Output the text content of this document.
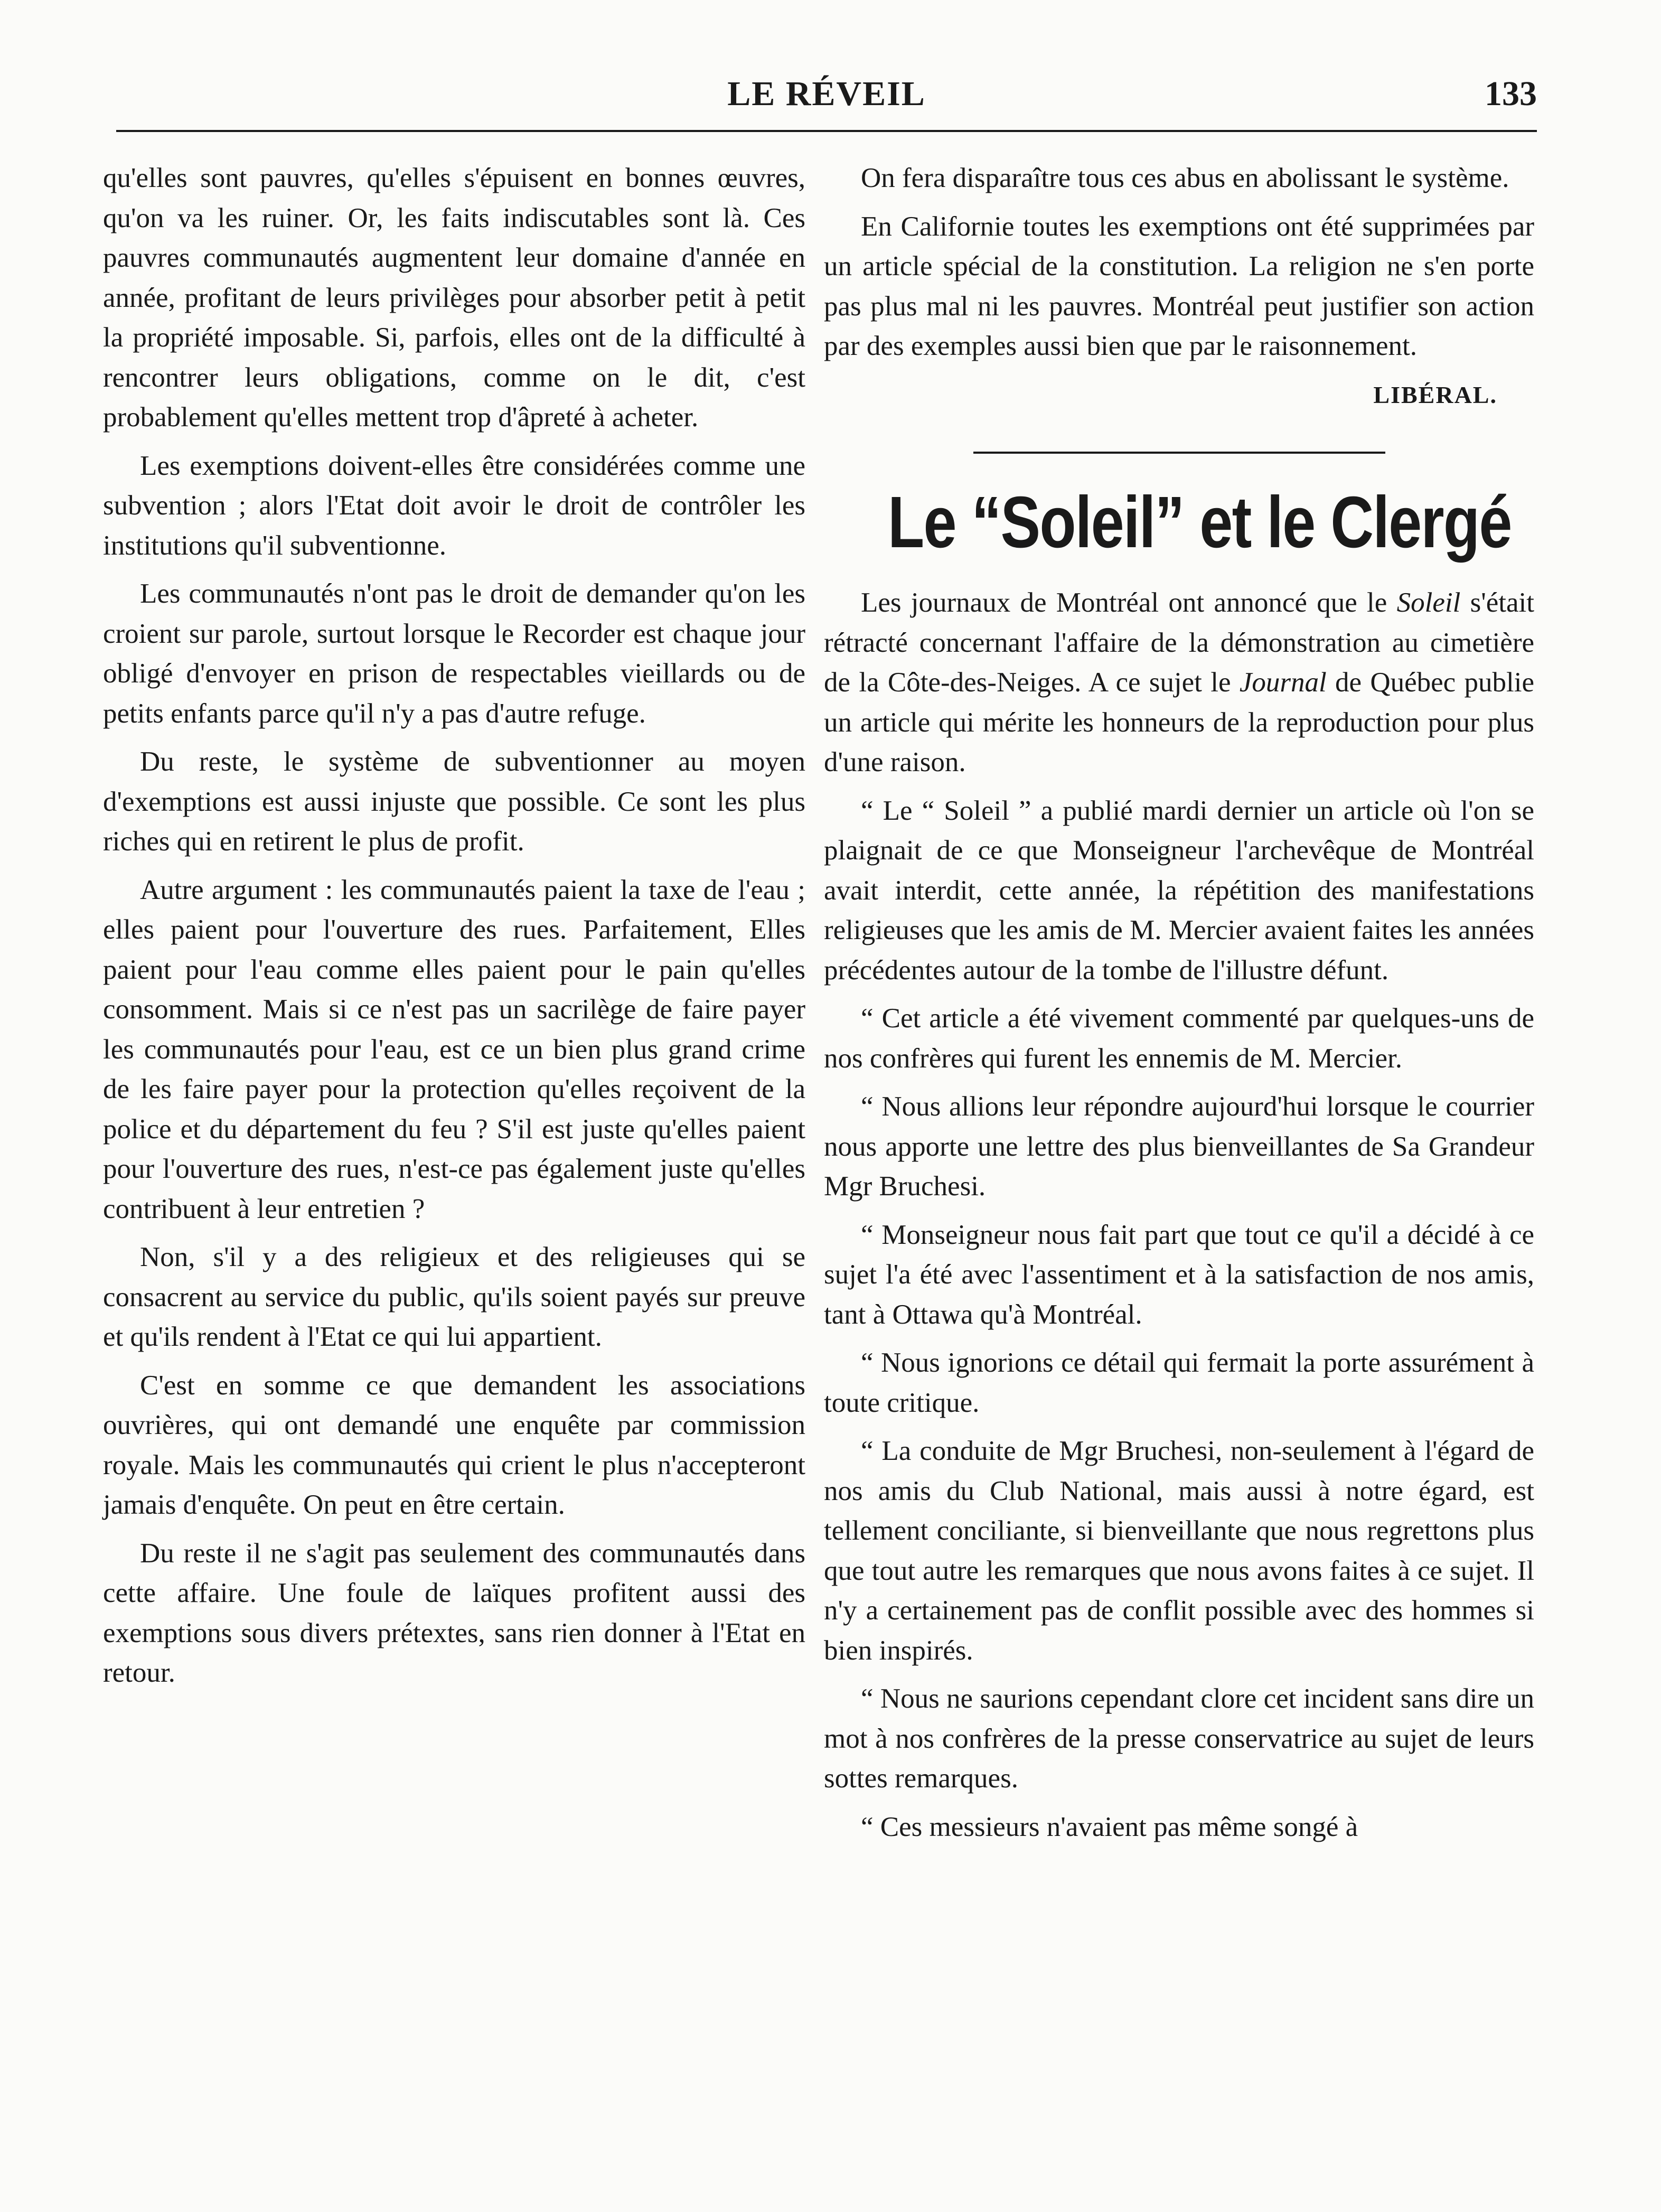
LE RÉVEIL	133

qu'elles sont pauvres, qu'elles s'épuisent en bonnes œuvres, qu'on va les ruiner. Or, les faits indiscutables sont là. Ces pauvres communautés augmentent leur domaine d'année en année, profitant de leurs privilèges pour absorber petit à petit la propriété imposable. Si, parfois, elles ont de la difficulté à rencontrer leurs obligations, comme on le dit, c'est probablement qu'elles mettent trop d'âpreté à acheter.

Les exemptions doivent-elles être considérées comme une subvention ; alors l'Etat doit avoir le droit de contrôler les institutions qu'il subventionne.

Les communautés n'ont pas le droit de demander qu'on les croient sur parole, surtout lorsque le Recorder est chaque jour obligé d'envoyer en prison de respectables vieillards ou de petits enfants parce qu'il n'y a pas d'autre refuge.

Du reste, le système de subventionner au moyen d'exemptions est aussi injuste que possible. Ce sont les plus riches qui en retirent le plus de profit.

Autre argument : les communautés paient la taxe de l'eau ; elles paient pour l'ouverture des rues. Parfaitement, Elles paient pour l'eau comme elles paient pour le pain qu'elles consomment. Mais si ce n'est pas un sacrilège de faire payer les communautés pour l'eau, est ce un bien plus grand crime de les faire payer pour la protection qu'elles reçoivent de la police et du département du feu ? S'il est juste qu'elles paient pour l'ouverture des rues, n'est-ce pas également juste qu'elles contribuent à leur entretien ?

Non, s'il y a des religieux et des religieuses qui se consacrent au service du public, qu'ils soient payés sur preuve et qu'ils rendent à l'Etat ce qui lui appartient.

C'est en somme ce que demandent les associations ouvrières, qui ont demandé une enquête par commission royale. Mais les communautés qui crient le plus n'accepteront jamais d'enquête. On peut en être certain.

Du reste il ne s'agit pas seulement des communautés dans cette affaire. Une foule de laïques profitent aussi des exemptions sous divers prétextes, sans rien donner à l'Etat en retour.

On fera disparaître tous ces abus en abolissant le système.

En Californie toutes les exemptions ont été supprimées par un article spécial de la constitution. La religion ne s'en porte pas plus mal ni les pauvres. Montréal peut justifier son action par des exemples aussi bien que par le raisonnement.

LIBÉRAL.
Le “Soleil” et le Clergé

Les journaux de Montréal ont annoncé que le Soleil s'était rétracté concernant l'affaire de la démonstration au cimetière de la Côte-des-Neiges. A ce sujet le Journal de Québec publie un article qui mérite les honneurs de la reproduction pour plus d'une raison.

“ Le “ Soleil ” a publié mardi dernier un article où l'on se plaignait de ce que Monseigneur l'archevêque de Montréal avait interdit, cette année, la répétition des manifestations religieuses que les amis de M. Mercier avaient faites les années précédentes autour de la tombe de l'illustre défunt.

“ Cet article a été vivement commenté par quelques-uns de nos confrères qui furent les ennemis de M. Mercier.

“ Nous allions leur répondre aujourd'hui lorsque le courrier nous apporte une lettre des plus bienveillantes de Sa Grandeur Mgr Bruchesi.

“ Monseigneur nous fait part que tout ce qu'il a décidé à ce sujet l'a été avec l'assentiment et à la satisfaction de nos amis, tant à Ottawa qu'à Montréal.

“ Nous ignorions ce détail qui fermait la porte assurément à toute critique.

“ La conduite de Mgr Bruchesi, non-seulement à l'égard de nos amis du Club National, mais aussi à notre égard, est tellement conciliante, si bienveillante que nous regrettons plus que tout autre les remarques que nous avons faites à ce sujet. Il n'y a certainement pas de conflit possible avec des hommes si bien inspirés.

“ Nous ne saurions cependant clore cet incident sans dire un mot à nos confrères de la presse conservatrice au sujet de leurs sottes remarques.

“ Ces messieurs n'avaient pas même songé à
